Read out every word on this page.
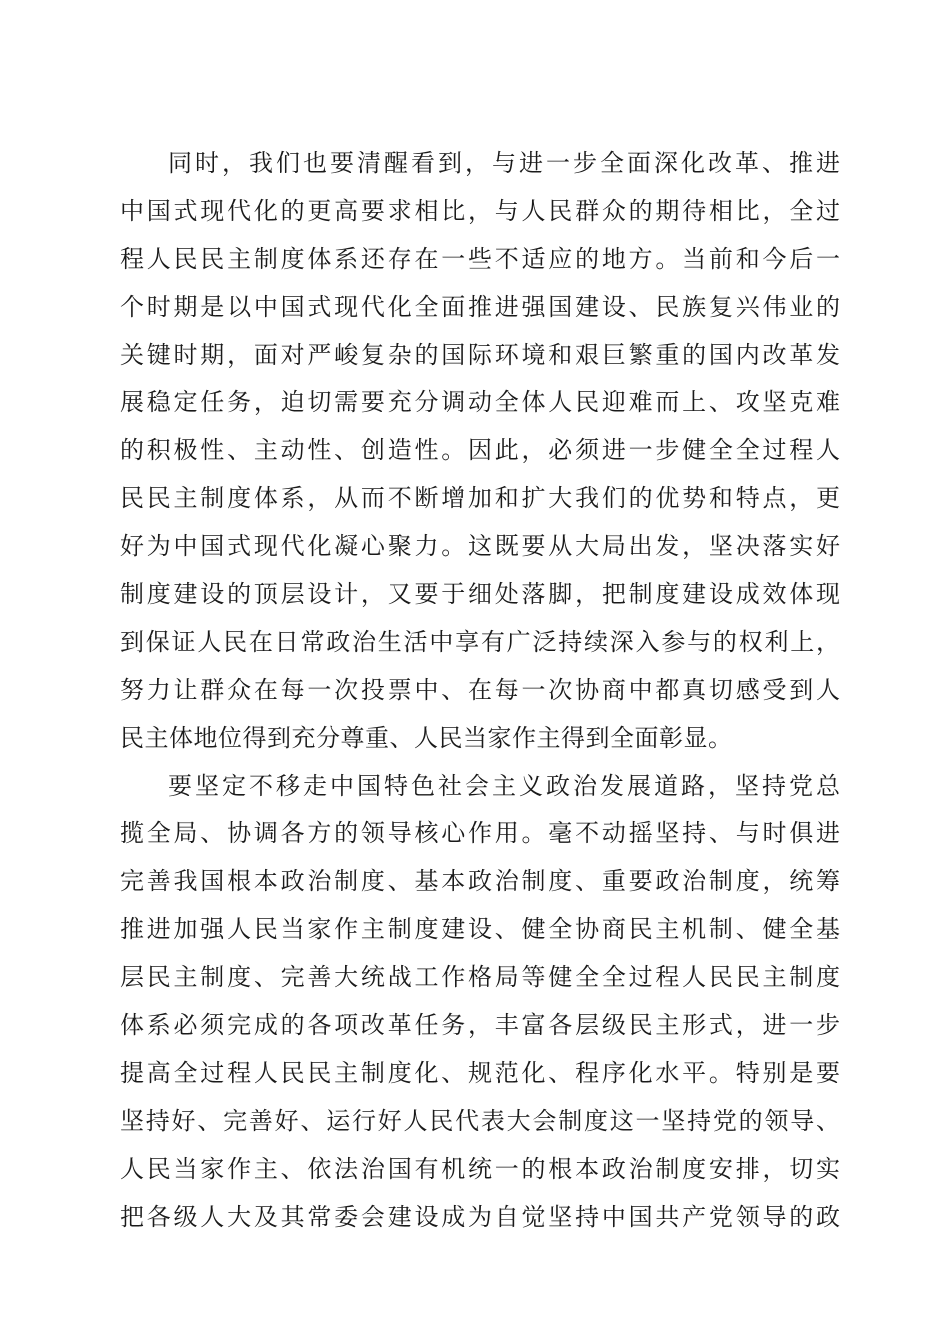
同时，我们也要清醒看到，与进一步全面深化改革、推进
中国式现代化的更高要求相比，与人民群众的期待相比，全过
程人民民主制度体系还存在一些不适应的地方。当前和今后一
个时期是以中国式现代化全面推进强国建设、民族复兴伟业的
关键时期，面对严峻复杂的国际环境和艰巨繁重的国内改革发
展稳定任务，迫切需要充分调动全体人民迎难而上、攻坚克难
的积极性、主动性、创造性。因此，必须进一步健全全过程人
民民主制度体系，从而不断增加和扩大我们的优势和特点，更
好为中国式现代化凝心聚力。这既要从大局出发，坚决落实好
制度建设的顶层设计，又要于细处落脚，把制度建设成效体现
到保证人民在日常政治生活中享有广泛持续深入参与的权利上，
努力让群众在每一次投票中、在每一次协商中都真切感受到人
民主体地位得到充分尊重、人民当家作主得到全面彰显。
要坚定不移走中国特色社会主义政治发展道路，坚持党总
揽全局、协调各方的领导核心作用。毫不动摇坚持、与时俱进
完善我国根本政治制度、基本政治制度、重要政治制度，统筹
推进加强人民当家作主制度建设、健全协商民主机制、健全基
层民主制度、完善大统战工作格局等健全全过程人民民主制度
体系必须完成的各项改革任务，丰富各层级民主形式，进一步
提高全过程人民民主制度化、规范化、程序化水平。特别是要
坚持好、完善好、运行好人民代表大会制度这一坚持党的领导、
人民当家作主、依法治国有机统一的根本政治制度安排，切实
把各级人大及其常委会建设成为自觉坚持中国共产党领导的政
